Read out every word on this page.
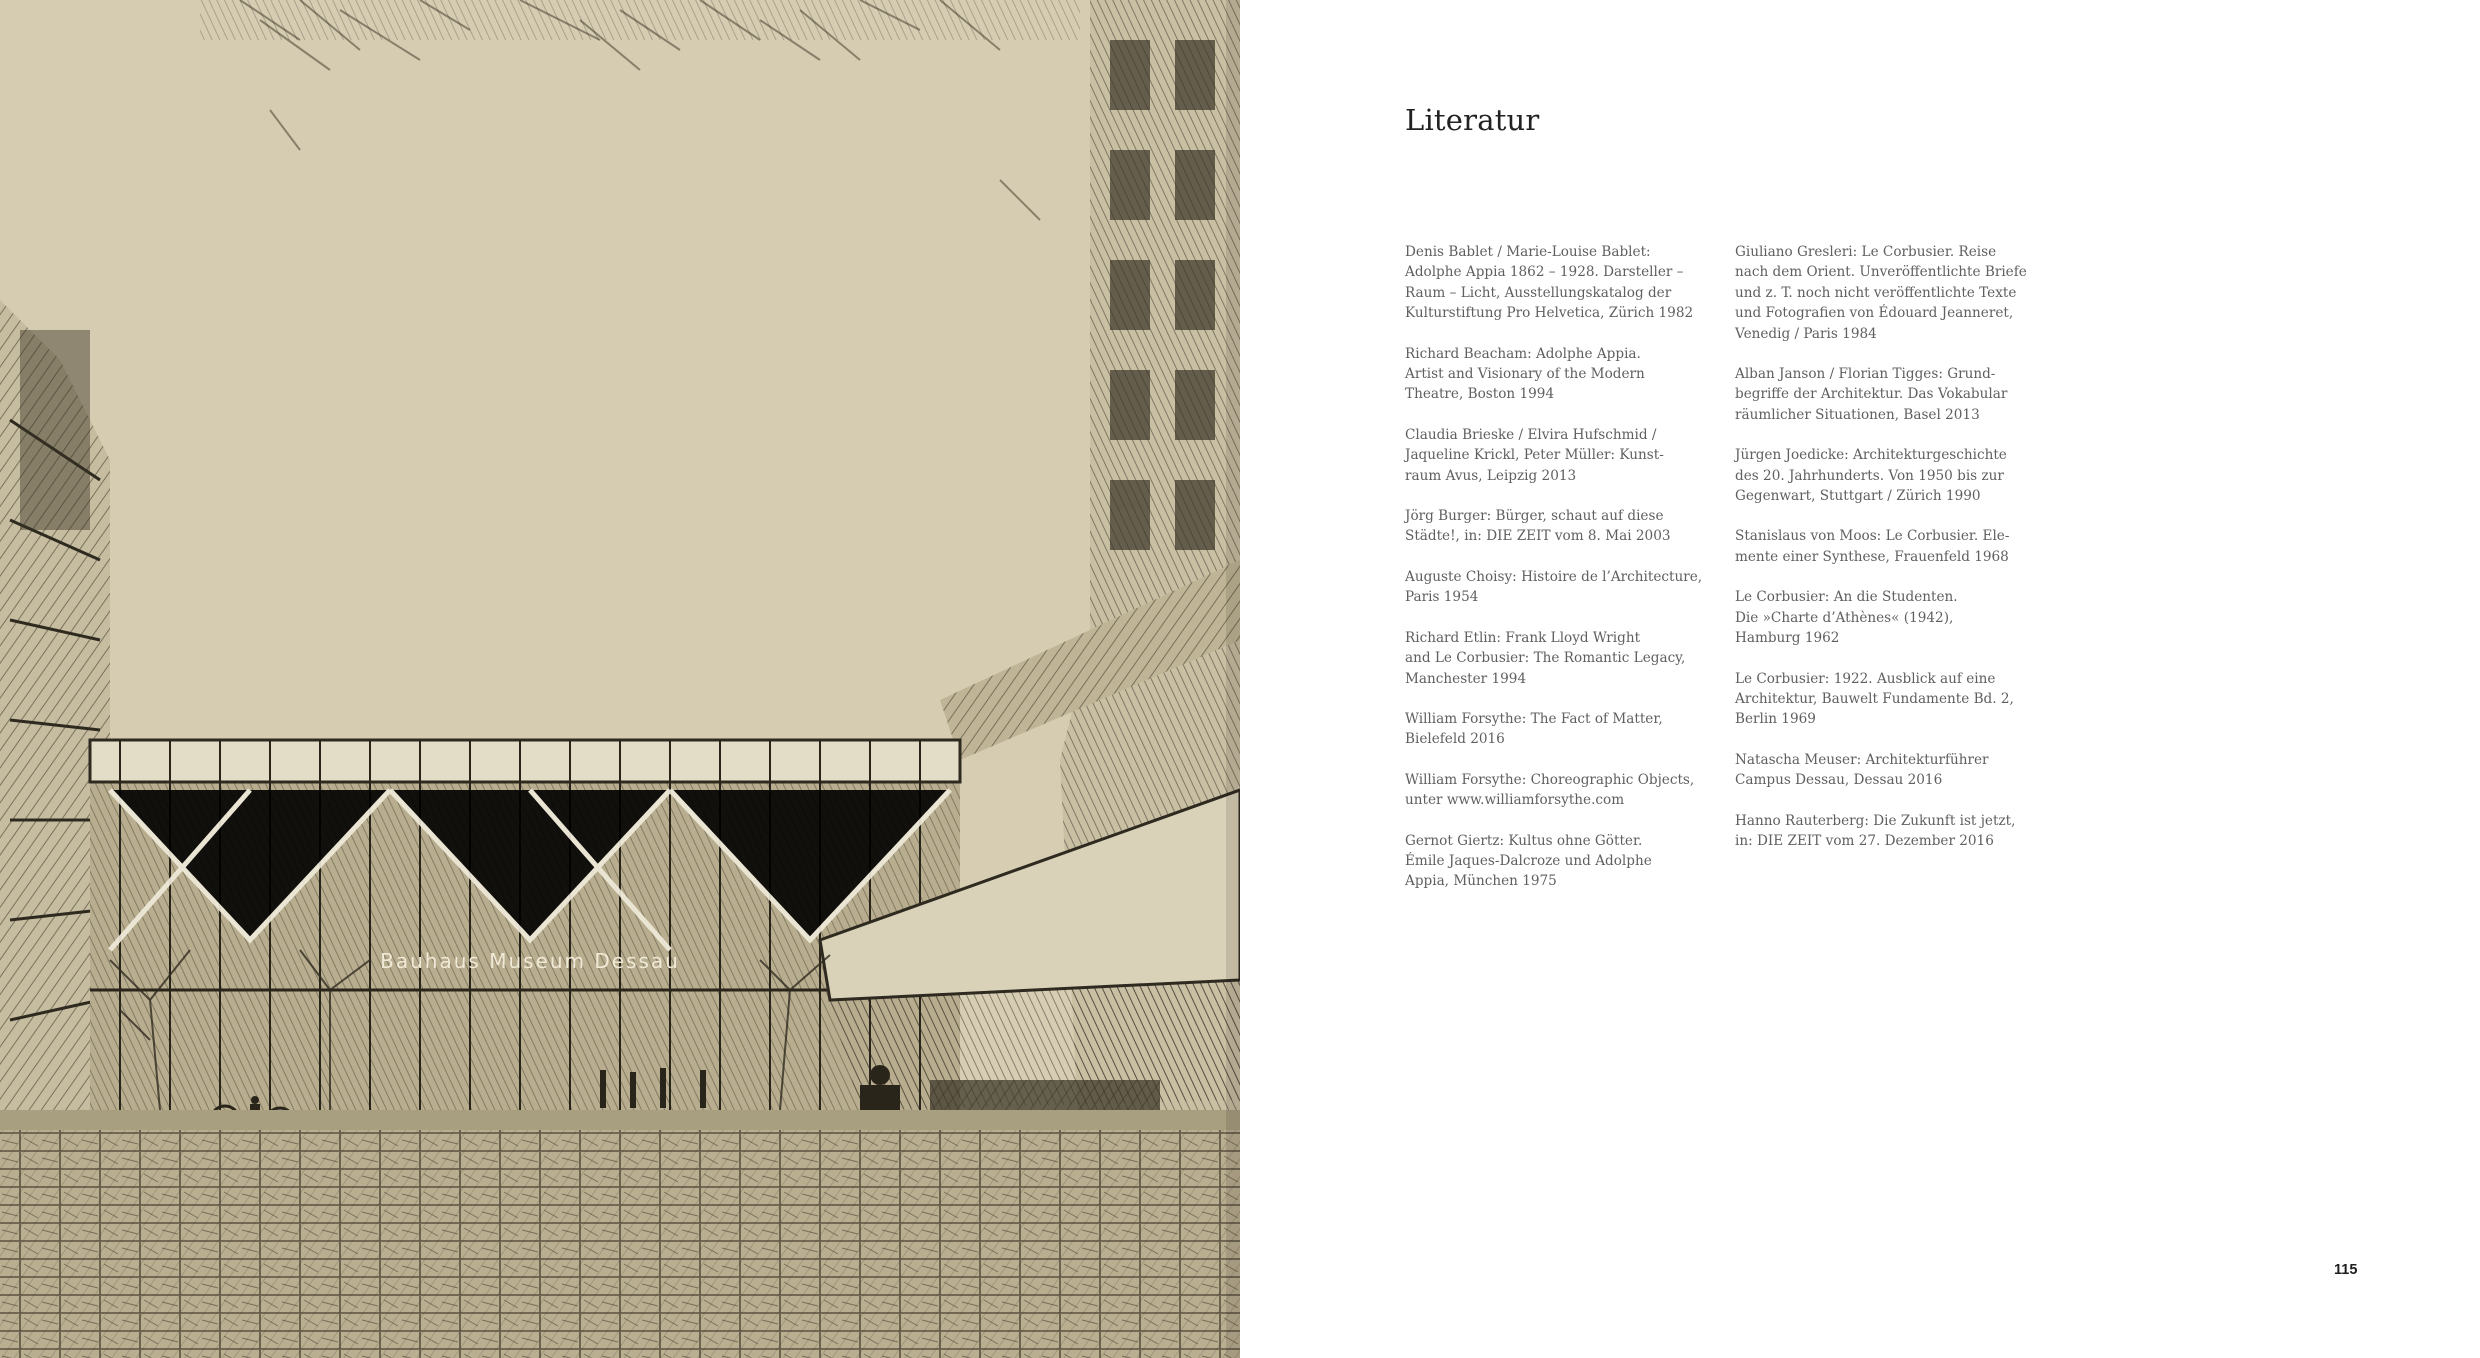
Bauhaus Museum Dessau
Literatur

Denis Bablet / Marie-Louise Bablet:
Adolphe Appia 1862 – 1928. Darsteller –
Raum – Licht, Ausstellungskatalog der
Kulturstiftung Pro Helvetica, Zürich 1982

Richard Beacham: Adolphe Appia.
Artist and Visionary of the Modern
Theatre, Boston 1994

Claudia Brieske / Elvira Hufschmid /
Jaqueline Krickl, Peter Müller: Kunst-
raum Avus, Leipzig 2013

Jörg Burger: Bürger, schaut auf diese
Städte!, in: DIE ZEIT vom 8. Mai 2003

Auguste Choisy: Histoire de l’Architecture,
Paris 1954

Richard Etlin: Frank Lloyd Wright
and Le Corbusier: The Romantic Legacy,
Manchester 1994

William Forsythe: The Fact of Matter,
Bielefeld 2016

William Forsythe: Choreographic Objects,
unter www.williamforsythe.com

Gernot Giertz: Kultus ohne Götter.
Émile Jaques-Dalcroze und Adolphe
Appia, München 1975

Giuliano Gresleri: Le Corbusier. Reise
nach dem Orient. Unveröffentlichte Briefe
und z. T. noch nicht veröffentlichte Texte
und Fotografien von Édouard Jeanneret,
Venedig / Paris 1984

Alban Janson / Florian Tigges: Grund-
begriffe der Architektur. Das Vokabular
räumlicher Situationen, Basel 2013

Jürgen Joedicke: Architekturgeschichte
des 20. Jahrhunderts. Von 1950 bis zur
Gegenwart, Stuttgart / Zürich 1990

Stanislaus von Moos: Le Corbusier. Ele-
mente einer Synthese, Frauenfeld 1968

Le Corbusier: An die Studenten.
Die »Charte d’Athènes« (1942),
Hamburg 1962

Le Corbusier: 1922. Ausblick auf eine
Architektur, Bauwelt Fundamente Bd. 2,
Berlin 1969

Natascha Meuser: Architekturführer
Campus Dessau, Dessau 2016

Hanno Rauterberg: Die Zukunft ist jetzt,
in: DIE ZEIT vom 27. Dezember 2016

115
